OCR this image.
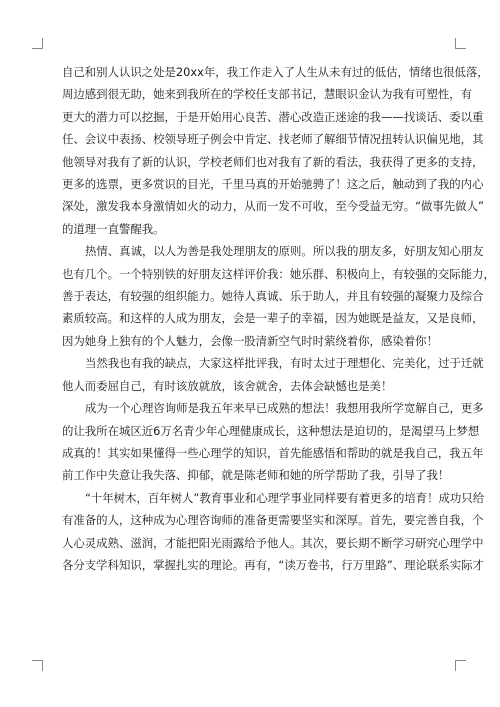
自己和别人认识之处是20xx年，我工作走入了人生从未有过的低估，情绪也很低落，
周边感到很无助，她来到我所在的学校任支部书记，慧眼识金认为我有可塑性，有
更大的潜力可以挖掘，于是开始用心良苦、潜心改造正迷途的我——找谈话、委以重
任、会议中表扬、校领导班子例会中肯定、找老师了解细节情况扭转认识偏见地，其
他领导对我有了新的认识，学校老师们也对我有了新的看法，我获得了更多的支持，
更多的选票，更多赏识的目光，千里马真的开始驰骋了！这之后，触动到了我的内心
深处，激发我本身激情如火的动力，从而一发不可收，至今受益无穷。“做事先做人”
的道理一直警醒我。

热情、真诚，以人为善是我处理朋友的原则。所以我的朋友多，好朋友知心朋友
也有几个。一个特别铁的好朋友这样评价我：她乐群、积极向上，有较强的交际能力，
善于表达，有较强的组织能力。她待人真诚、乐于助人，并且有较强的凝聚力及综合
素质较高。和这样的人成为朋友，会是一辈子的幸福，因为她既是益友，又是良师，
因为她身上独有的个人魅力，会像一股清新空气时时萦绕着你，感染着你！

当然我也有我的缺点，大家这样批评我，有时太过于理想化、完美化，过于迁就
他人而委屈自己，有时该放就放，该舍就舍，去体会缺憾也是美！

成为一个心理咨询师是我五年来早已成熟的想法！我想用我所学宽解自己，更多
的让我所在城区近6万名青少年心理健康成长，这种想法是迫切的，是渴望马上梦想
成真的！其实如果懂得一些心理学的知识，首先能感悟和帮助的就是我自己，我五年
前工作中失意让我失落、抑郁，就是陈老师和她的所学帮助了我，引导了我！

“十年树木，百年树人”教育事业和心理学事业同样要有着更多的培育！成功只给
有准备的人，这种成为心理咨询师的准备更需要坚实和深厚。首先，要完善自我，个
人心灵成熟、滋润，才能把阳光雨露给予他人。其次，要长期不断学习研究心理学中
各分支学科知识，掌握扎实的理论。再有，“读万卷书，行万里路”、理论联系实际才
